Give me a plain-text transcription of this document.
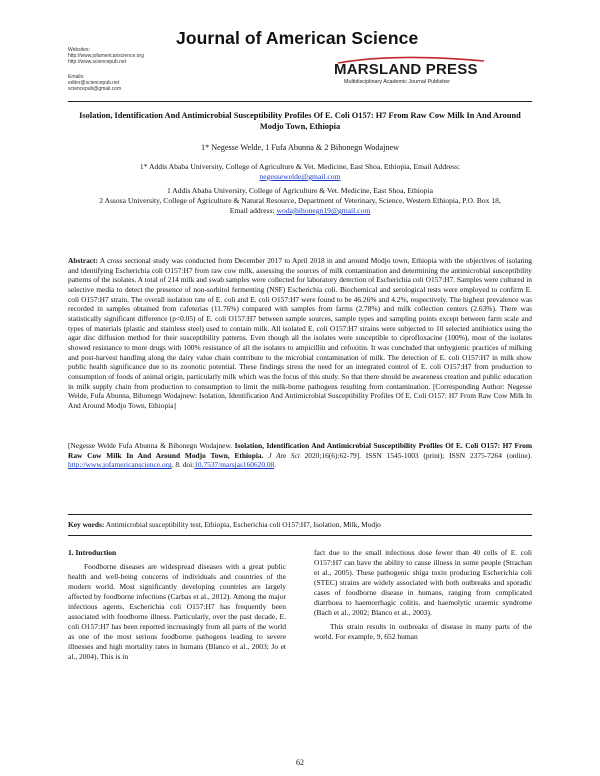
Websites:
http://www.jofamericanscience.org
http://www.sciencepub.net
Emails:
editor@sciencepub.net
sciencepub@gmail.com
Journal of American Science
MARSLAND PRESS
Multidisciplinary Academic Journal Publisher
Isolation, Identification And Antimicrobial Susceptibility Profiles Of E. Coli O157: H7 From Raw Cow Milk In And Around Modjo Town, Ethiopia
1* Negesse Welde, 1 Fufa Abunna & 2 Bihonegn Wodajnew
1* Addis Ababa University, College of Agriculture & Vet. Medicine, East Shoa, Ethiopia, Email Address:
negessewelde@gmail.com
1 Addis Ababa University, College of Agriculture & Vet. Medicine, East Shoa, Ethiopia
2 Assosa University, College of Agriculture & Natural Resource, Department of Veterinary, Science, Western Ethiopia, P.O. Box 18, Email address: wodajbihonegn19@gmail.com
Abstract: A cross sectional study was conducted from December 2017 to April 2018 in and around Modjo town, Ethiopia with the objectives of isolating and identifying Escherichia coli O157:H7 from raw cow milk, assessing the sources of milk contamination and determining the antimicrobial susceptibility patterns of the isolates. A total of 214 milk and swab samples were collected for laboratory detection of Escherichia coli O157:H7. Samples were cultured in selective media to detect the presence of non-sorbitol fermenting (NSF) Escherichia coli. Biochemical and serological tests were employed to confirm E. coli O157:H7 strain. The overall isolation rate of E. coli and E. coli O157:H7 were found to be 46.26% and 4.2%, respectively. The highest prevalence was recorded in samples obtained from cafeterias (11.76%) compared with samples from farms (2.78%) and milk collection centers (2.63%). There was statistically significant difference (p<0.05) of E. coli O157:H7 between sample sources, sample types and sampling points except between farm scale and types of materials (plastic and stainless steel) used to contain milk. All isolated E. coli O157:H7 strains were subjected to 10 selected antibiotics using the agar disc diffusion method for their susceptibility patterns. Even though all the isolates were susceptible to ciprofloxacine (100%), most of the isolates showed resistance to more drugs with 100% resistance of all the isolates to ampicillin and cefoxitin. It was concluded that unhygienic practices of milking and post-harvest handling along the dairy value chain contribute to the microbial contamination of milk. The detection of E. coli O157:H7 in milk show public health significance due to its zoonotic potential. These findings stress the need for an integrated control of E. coli O157:H7 from production to consumption of foods of animal origin, particularly milk which was the focus of this study. So that there should be awareness creation and public education in milk supply chain from production to consumption to limit the milk-borne pathogens resulting from contamination. [Corresponding Author: Negesse Welde, Fufa Abunna, Bihonegn Wodajnew: Isolation, Identification And Antimicrobial Susceptibility Profiles Of E. Coli O157: H7 From Raw Cow Milk In And Around Modjo Town, Ethiopia]
[Negesse Welde Fufa Abunna & Bihonegn Wodajnew. Isolation, Identification And Antimicrobial Susceptibility Profiles Of E. Coli O157: H7 From Raw Cow Milk In And Around Modjo Town, Ethiopia. J Am Sci 2020;16(6):62-79]. ISSN 1545-1003 (print); ISSN 2375-7264 (online). http://www.jofamericanscience.org. 8. doi:10.7537/marsjas160620.08.
Key words: Antimicrobial susceptibility test, Ethiopia, Escherichia coli O157:H7, Isolation, Milk, Modjo
1. Introduction
Foodborne diseases are widespread diseases with a great public health and well-being concerns of individuals and countries of the modern world. Most significantly developing countries are largely affected by foodborne infections (Carbas et al., 2012). Among the major infectious agents, Escherichia coli O157:H7 has frequently been associated with foodborne illness. Particularly, over the past decade, E. coli O157:H7 has been reported increasingly from all parts of the world as one of the most serious foodborne pathogens leading to severe illnesses and high mortality rates in humans (Blanco et al., 2003; Jo et al., 2004). This is in
fact due to the small infectious dose fewer than 40 cells of E. coli O157:H7 can have the ability to cause illness in some people (Strachan et al., 2005). These pathogenic shiga toxin producing Escherichia coli (STEC) strains are widely associated with both outbreaks and sporadic cases of foodborne disease in humans, ranging from complicated diarrhoea to haemorrhagic colitis, and haemolytic uraemic syndrome (Bach et al., 2002; Blanco et al., 2003).
This strain results in outbreaks of disease in many parts of the world. For example, 9, 652 human
62
